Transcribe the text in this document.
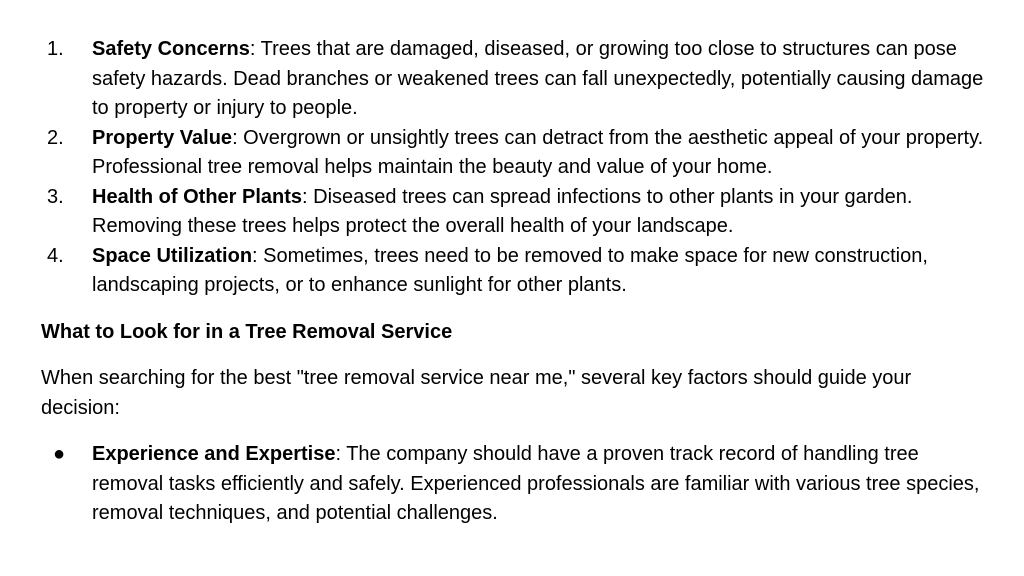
1. Safety Concerns: Trees that are damaged, diseased, or growing too close to structures can pose safety hazards. Dead branches or weakened trees can fall unexpectedly, potentially causing damage to property or injury to people.
2. Property Value: Overgrown or unsightly trees can detract from the aesthetic appeal of your property. Professional tree removal helps maintain the beauty and value of your home.
3. Health of Other Plants: Diseased trees can spread infections to other plants in your garden. Removing these trees helps protect the overall health of your landscape.
4. Space Utilization: Sometimes, trees need to be removed to make space for new construction, landscaping projects, or to enhance sunlight for other plants.

What to Look for in a Tree Removal Service

When searching for the best "tree removal service near me," several key factors should guide your decision:

● Experience and Expertise: The company should have a proven track record of handling tree removal tasks efficiently and safely. Experienced professionals are familiar with various tree species, removal techniques, and potential challenges.
